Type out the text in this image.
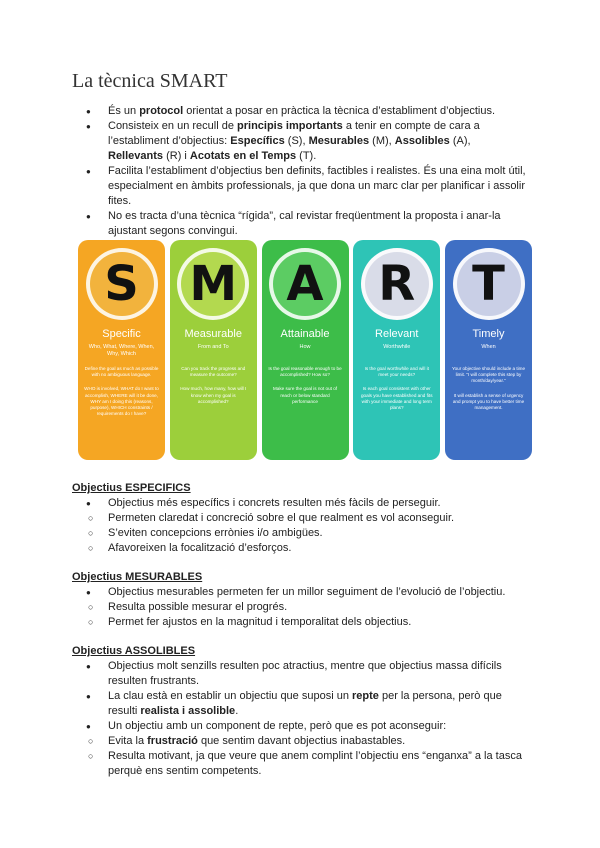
La tècnica SMART
● És un protocol orientat a posar en pràctica la tècnica d’establiment d’objectius.
● Consisteix en un recull de principis importants a tenir en compte de cara a l’establiment d’objectius: Específics (S), Mesurables (M), Assolibles (A), Rellevants (R) i Acotats en el Temps (T).
● Facilita l’establiment d’objectius ben definits, factibles i realistes. És una eina molt útil, especialment en àmbits professionals, ja que dona un marc clar per planificar i assolir fites.
● No es tracta d’una tècnica “rígida”, cal revistar freqüentment la proposta i anar-la ajustant segons convingui.
S
Specific
Who, What, Where, When, Why, Which

Define the goal as much as possible with no ambiguous language.

WHO is involved, WHAT do I want to accomplish, WHERE will it be done, WHY am I doing this (reasons, purpose), WHICH constraints / requirements do I have?

M
Measurable
From and To

Can you track the progress and measure the outcome?

How much, how many, how will I know when my goal is accomplished?

A
Attainable
How

Is the goal reasonable enough to be accomplished? How so?

Make sure the goal is not out of reach or below standard performance

R
Relevant
Worthwhile

Is the goal worthwhile and will it meet your needs?

Is each goal consistent with other goals you have established and fits with your immediate and long term plans?

T
Timely
When

Your objective should include a time limit. "I will complete this step by month/day/year."

It will establish a sense of urgency and prompt you to have better time management.

Objectius ESPECIFICS
● Objectius més específics i concrets resulten més fàcils de perseguir.
○ Permeten claredat i concreció sobre el que realment es vol aconseguir.
○ S’eviten concepcions errònies i/o ambigües.
○ Afavoreixen la focalització d’esforços.
Objectius MESURABLES
● Objectius mesurables permeten fer un millor seguiment de l’evolució de l’objectiu.
○ Resulta possible mesurar el progrés.
○ Permet fer ajustos en la magnitud i temporalitat dels objectius.
Objectius ASSOLIBLES
● Objectius molt senzills resulten poc atractius, mentre que objectius massa difícils resulten frustrants.
● La clau està en establir un objectiu que suposi un repte per la persona, però que resulti realista i assolible.
● Un objectiu amb un component de repte, però que es pot aconseguir:
○ Evita la frustració que sentim davant objectius inabastables.
○ Resulta motivant, ja que veure que anem complint l’objectiu ens “enganxa” a la tasca perquè ens sentim competents.
